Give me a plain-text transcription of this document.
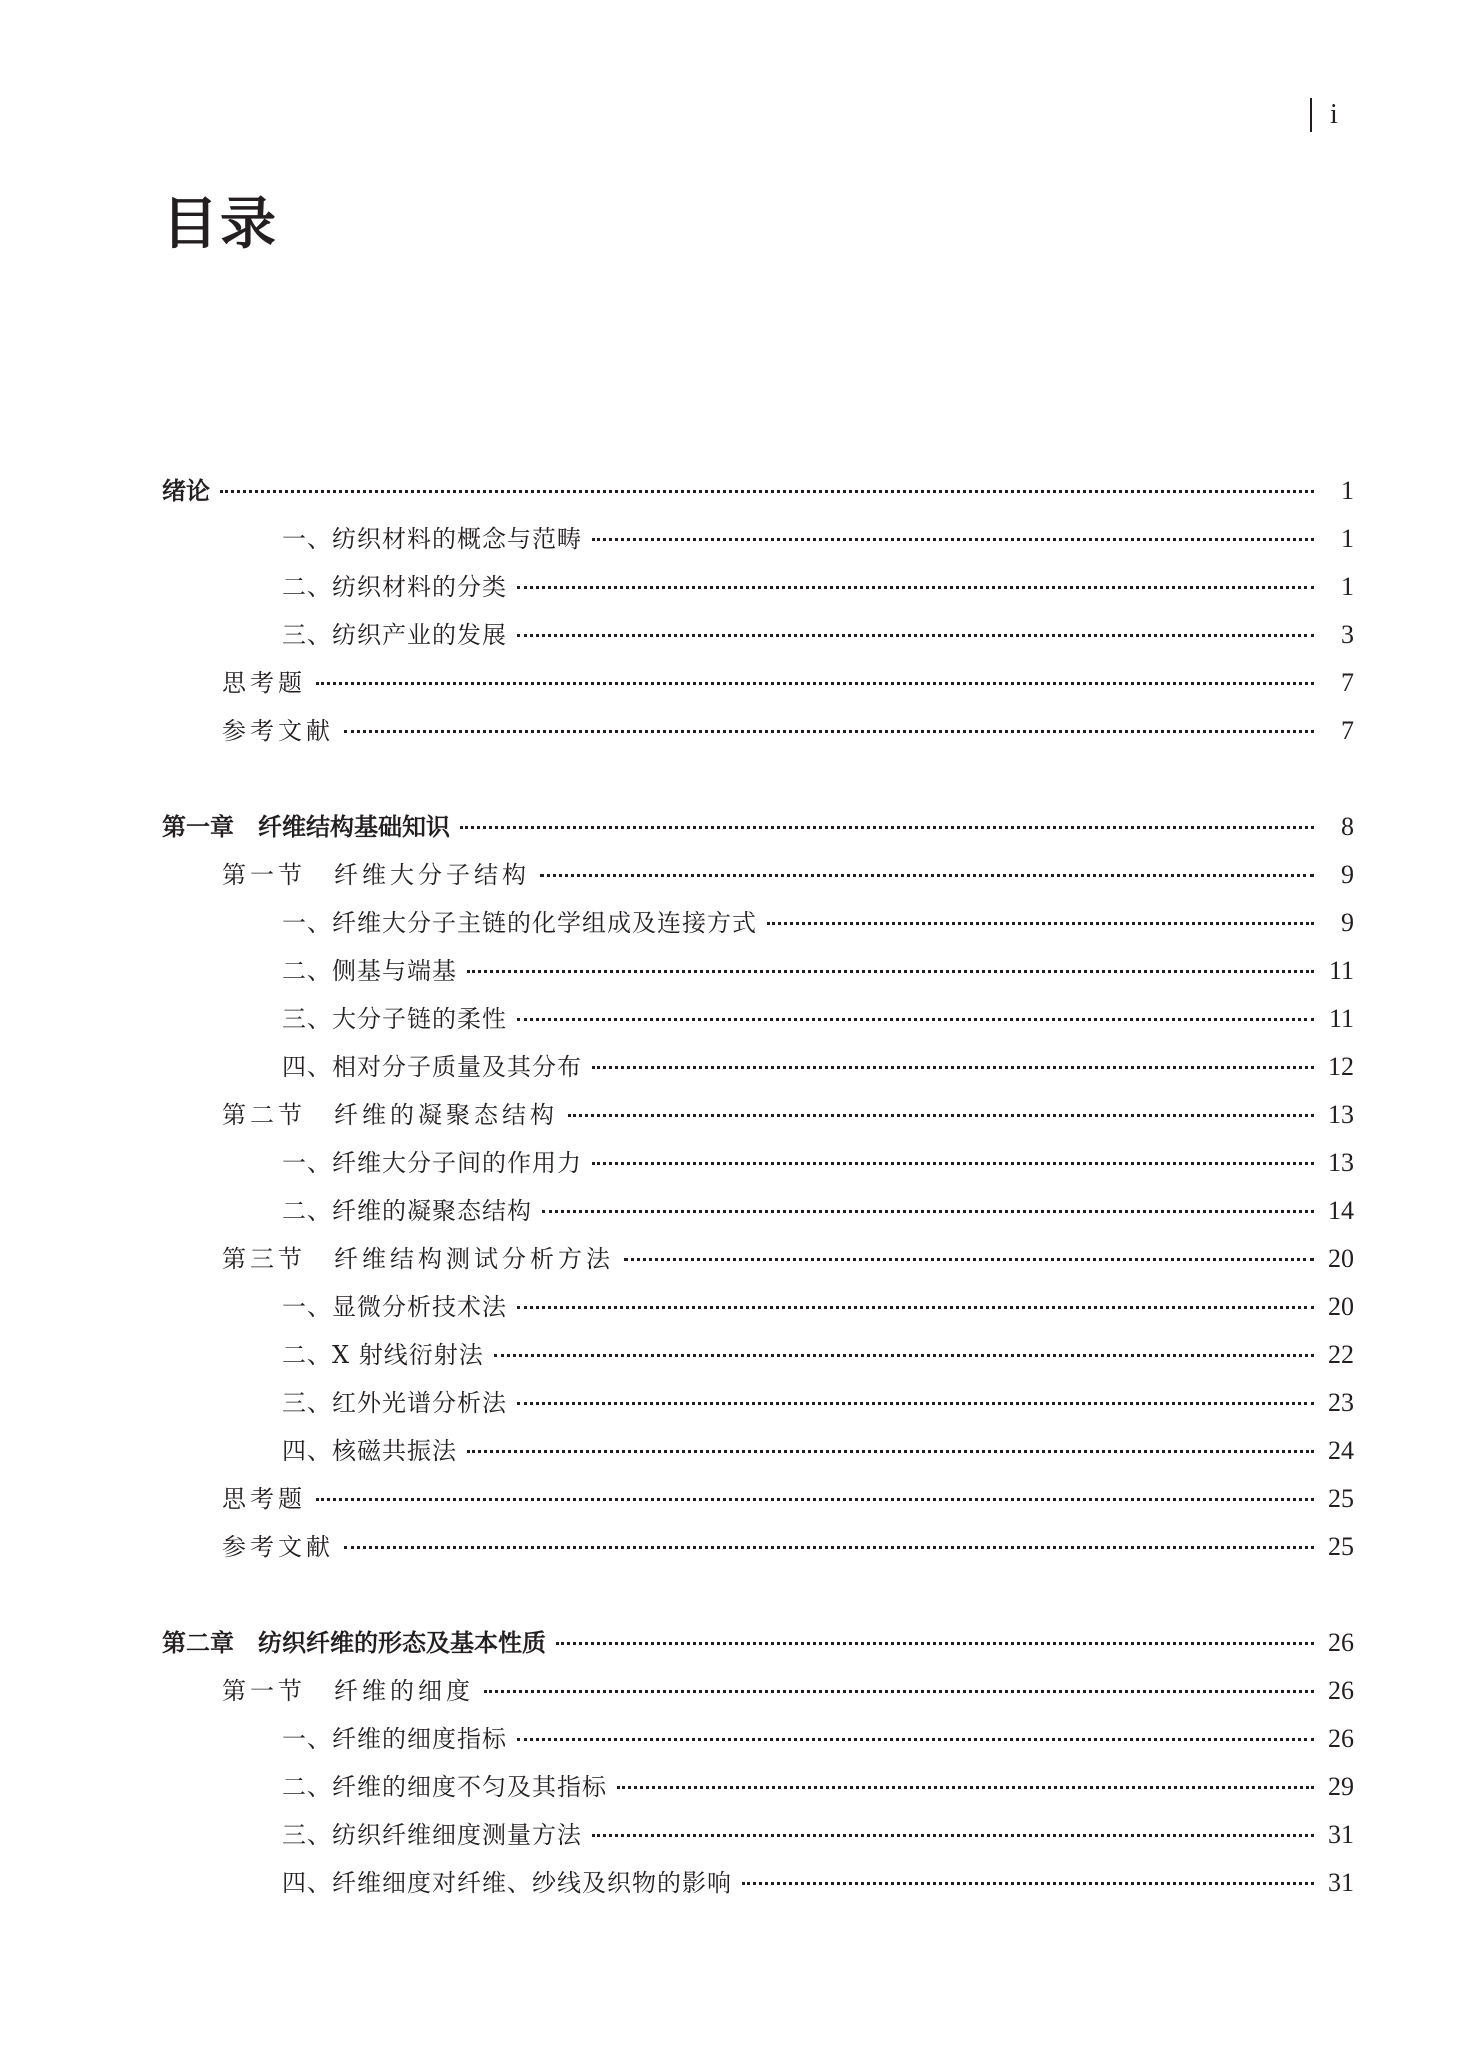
i
目录
绪论	1
一、纺织材料的概念与范畴	1
二、纺织材料的分类	1
三、纺织产业的发展	3
思考题	7
参考文献	7
第一章　纤维结构基础知识	8
第一节　纤维大分子结构	9
一、纤维大分子主链的化学组成及连接方式	9
二、侧基与端基	11
三、大分子链的柔性	11
四、相对分子质量及其分布	12
第二节　纤维的凝聚态结构	13
一、纤维大分子间的作用力	13
二、纤维的凝聚态结构	14
第三节　纤维结构测试分析方法	20
一、显微分析技术法	20
二、X 射线衍射法	22
三、红外光谱分析法	23
四、核磁共振法	24
思考题	25
参考文献	25
第二章　纺织纤维的形态及基本性质	26
第一节　纤维的细度	26
一、纤维的细度指标	26
二、纤维的细度不匀及其指标	29
三、纺织纤维细度测量方法	31
四、纤维细度对纤维、纱线及织物的影响	31
